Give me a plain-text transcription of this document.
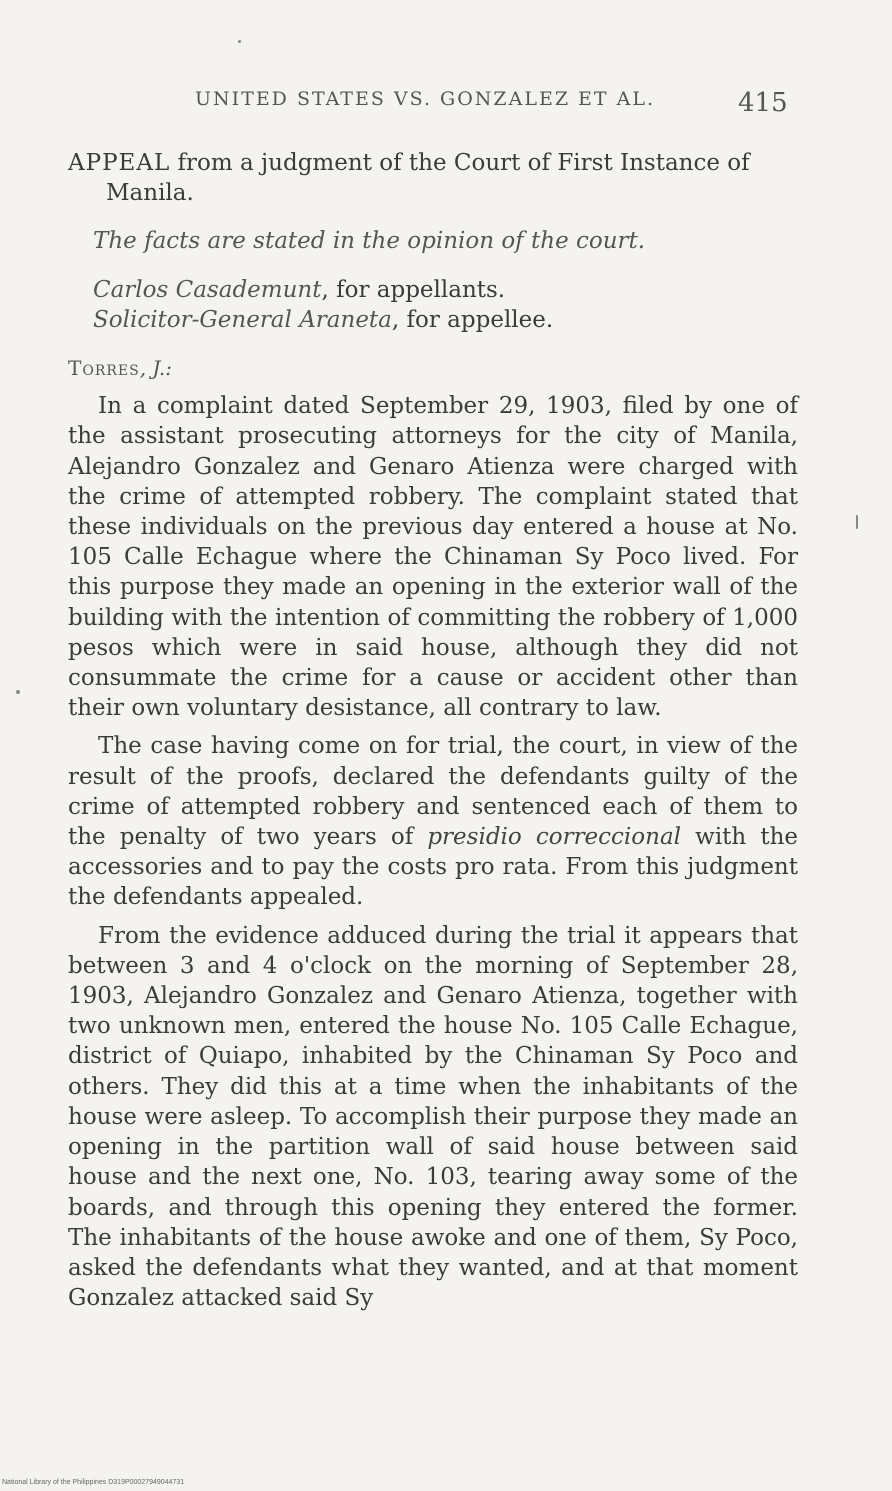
UNITED STATES VS. GONZALEZ ET AL.	415

APPEAL from a judgment of the Court of First Instance of Manila.

The facts are stated in the opinion of the court.

Carlos Casademunt, for appellants.
Solicitor-General Araneta, for appellee.

Torres, J.:

In a complaint dated September 29, 1903, filed by one of the assistant prosecuting attorneys for the city of Manila, Alejandro Gonzalez and Genaro Atienza were charged with the crime of attempted robbery. The complaint stated that these individuals on the previous day entered a house at No. 105 Calle Echague where the Chinaman Sy Poco lived. For this purpose they made an opening in the exterior wall of the building with the intention of committing the robbery of 1,000 pesos which were in said house, although they did not consummate the crime for a cause or accident other than their own voluntary desistance, all contrary to law.

The case having come on for trial, the court, in view of the result of the proofs, declared the defendants guilty of the crime of attempted robbery and sentenced each of them to the penalty of two years of presidio correccional with the accessories and to pay the costs pro rata. From this judgment the defendants appealed.

From the evidence adduced during the trial it appears that between 3 and 4 o'clock on the morning of September 28, 1903, Alejandro Gonzalez and Genaro Atienza, together with two unknown men, entered the house No. 105 Calle Echague, district of Quiapo, inhabited by the Chinaman Sy Poco and others. They did this at a time when the inhabitants of the house were asleep. To accomplish their purpose they made an opening in the partition wall of said house between said house and the next one, No. 103, tearing away some of the boards, and through this opening they entered the former. The inhabitants of the house awoke and one of them, Sy Poco, asked the defendants what they wanted, and at that moment Gonzalez attacked said Sy

National Library of the Philippines D319P00027949044731
